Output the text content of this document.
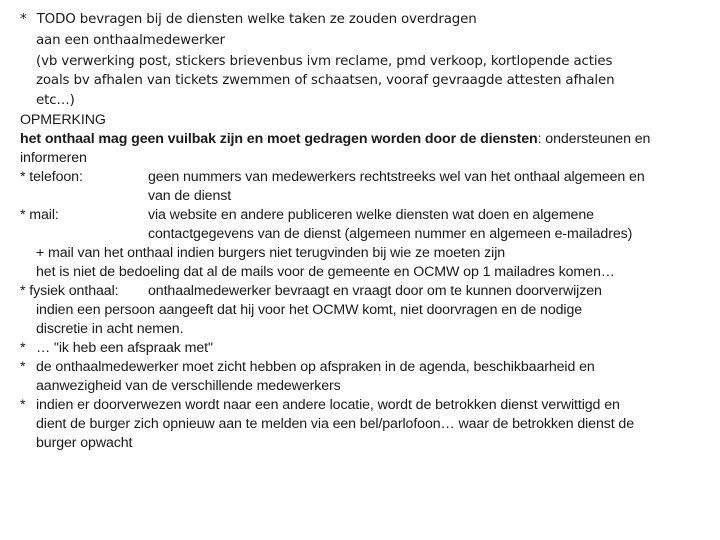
* TODO bevragen bij de diensten welke taken ze zouden overdragen
aan een onthaalmedewerker
(vb verwerking post, stickers brievenbus ivm reclame, pmd verkoop, kortlopende acties
zoals bv afhalen van tickets zwemmen of schaatsen, vooraf gevraagde attesten afhalen
etc…)
OPMERKING
het onthaal mag geen vuilbak zijn en moet gedragen worden door de diensten: ondersteunen en
informeren
* telefoon:	geen nummers van medewerkers rechtstreeks wel van het onthaal algemeen en
van de dienst
* mail:	via website en andere publiceren welke diensten wat doen en algemene
contactgegevens van de dienst (algemeen nummer en algemeen e-mailadres)
+ mail van het onthaal indien burgers niet terugvinden bij wie ze moeten zijn
het is niet de bedoeling dat al de mails voor de gemeente en OCMW op 1 mailadres komen…
* fysiek onthaal: onthaalmedewerker bevraagt en vraagt door om te kunnen doorverwijzen
indien een persoon aangeeft dat hij voor het OCMW komt, niet doorvragen en de nodige
discretie in acht nemen.
* … "ik heb een afspraak met"
* de onthaalmedewerker moet zicht hebben op afspraken in de agenda, beschikbaarheid en
aanwezigheid van de verschillende medewerkers
* indien er doorverwezen wordt naar een andere locatie, wordt de betrokken dienst verwittigd en
dient de burger zich opnieuw aan te melden via een bel/parlofoon… waar de betrokken dienst de
burger opwacht
